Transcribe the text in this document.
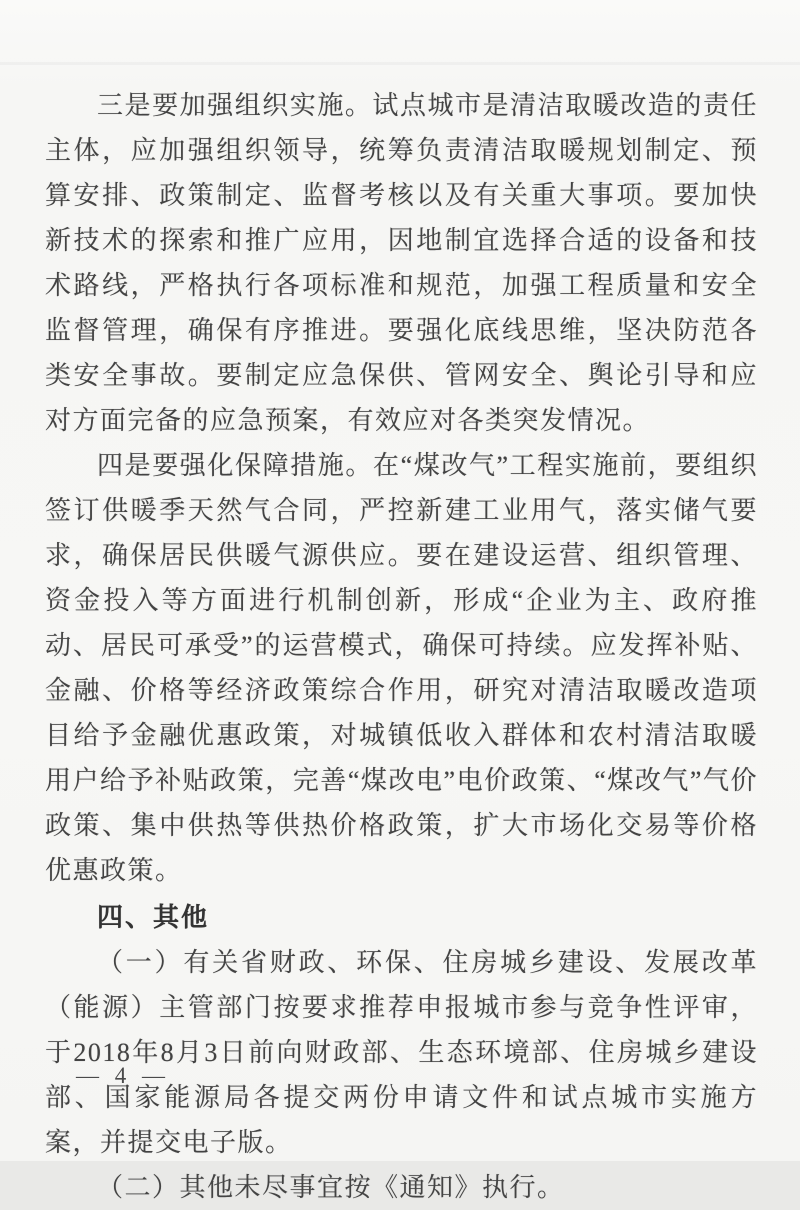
三是要加强组织实施。试点城市是清洁取暖改造的责任主体，应加强组织领导，统筹负责清洁取暖规划制定、预算安排、政策制定、监督考核以及有关重大事项。要加快新技术的探索和推广应用，因地制宜选择合适的设备和技术路线，严格执行各项标准和规范，加强工程质量和安全监督管理，确保有序推进。要强化底线思维，坚决防范各类安全事故。要制定应急保供、管网安全、舆论引导和应对方面完备的应急预案，有效应对各类突发情况。

四是要强化保障措施。在“煤改气”工程实施前，要组织签订供暖季天然气合同，严控新建工业用气，落实储气要求，确保居民供暖气源供应。要在建设运营、组织管理、资金投入等方面进行机制创新，形成“企业为主、政府推动、居民可承受”的运营模式，确保可持续。应发挥补贴、金融、价格等经济政策综合作用，研究对清洁取暖改造项目给予金融优惠政策，对城镇低收入群体和农村清洁取暖用户给予补贴政策，完善“煤改电”电价政策、“煤改气”气价政策、集中供热等供热价格政策，扩大市场化交易等价格优惠政策。

四、其他

（一）有关省财政、环保、住房城乡建设、发展改革（能源）主管部门按要求推荐申报城市参与竞争性评审，于2018年8月3日前向财政部、生态环境部、住房城乡建设部、国家能源局各提交两份申请文件和试点城市实施方案，并提交电子版。

（二）其他未尽事宜按《通知》执行。

— 4 —
